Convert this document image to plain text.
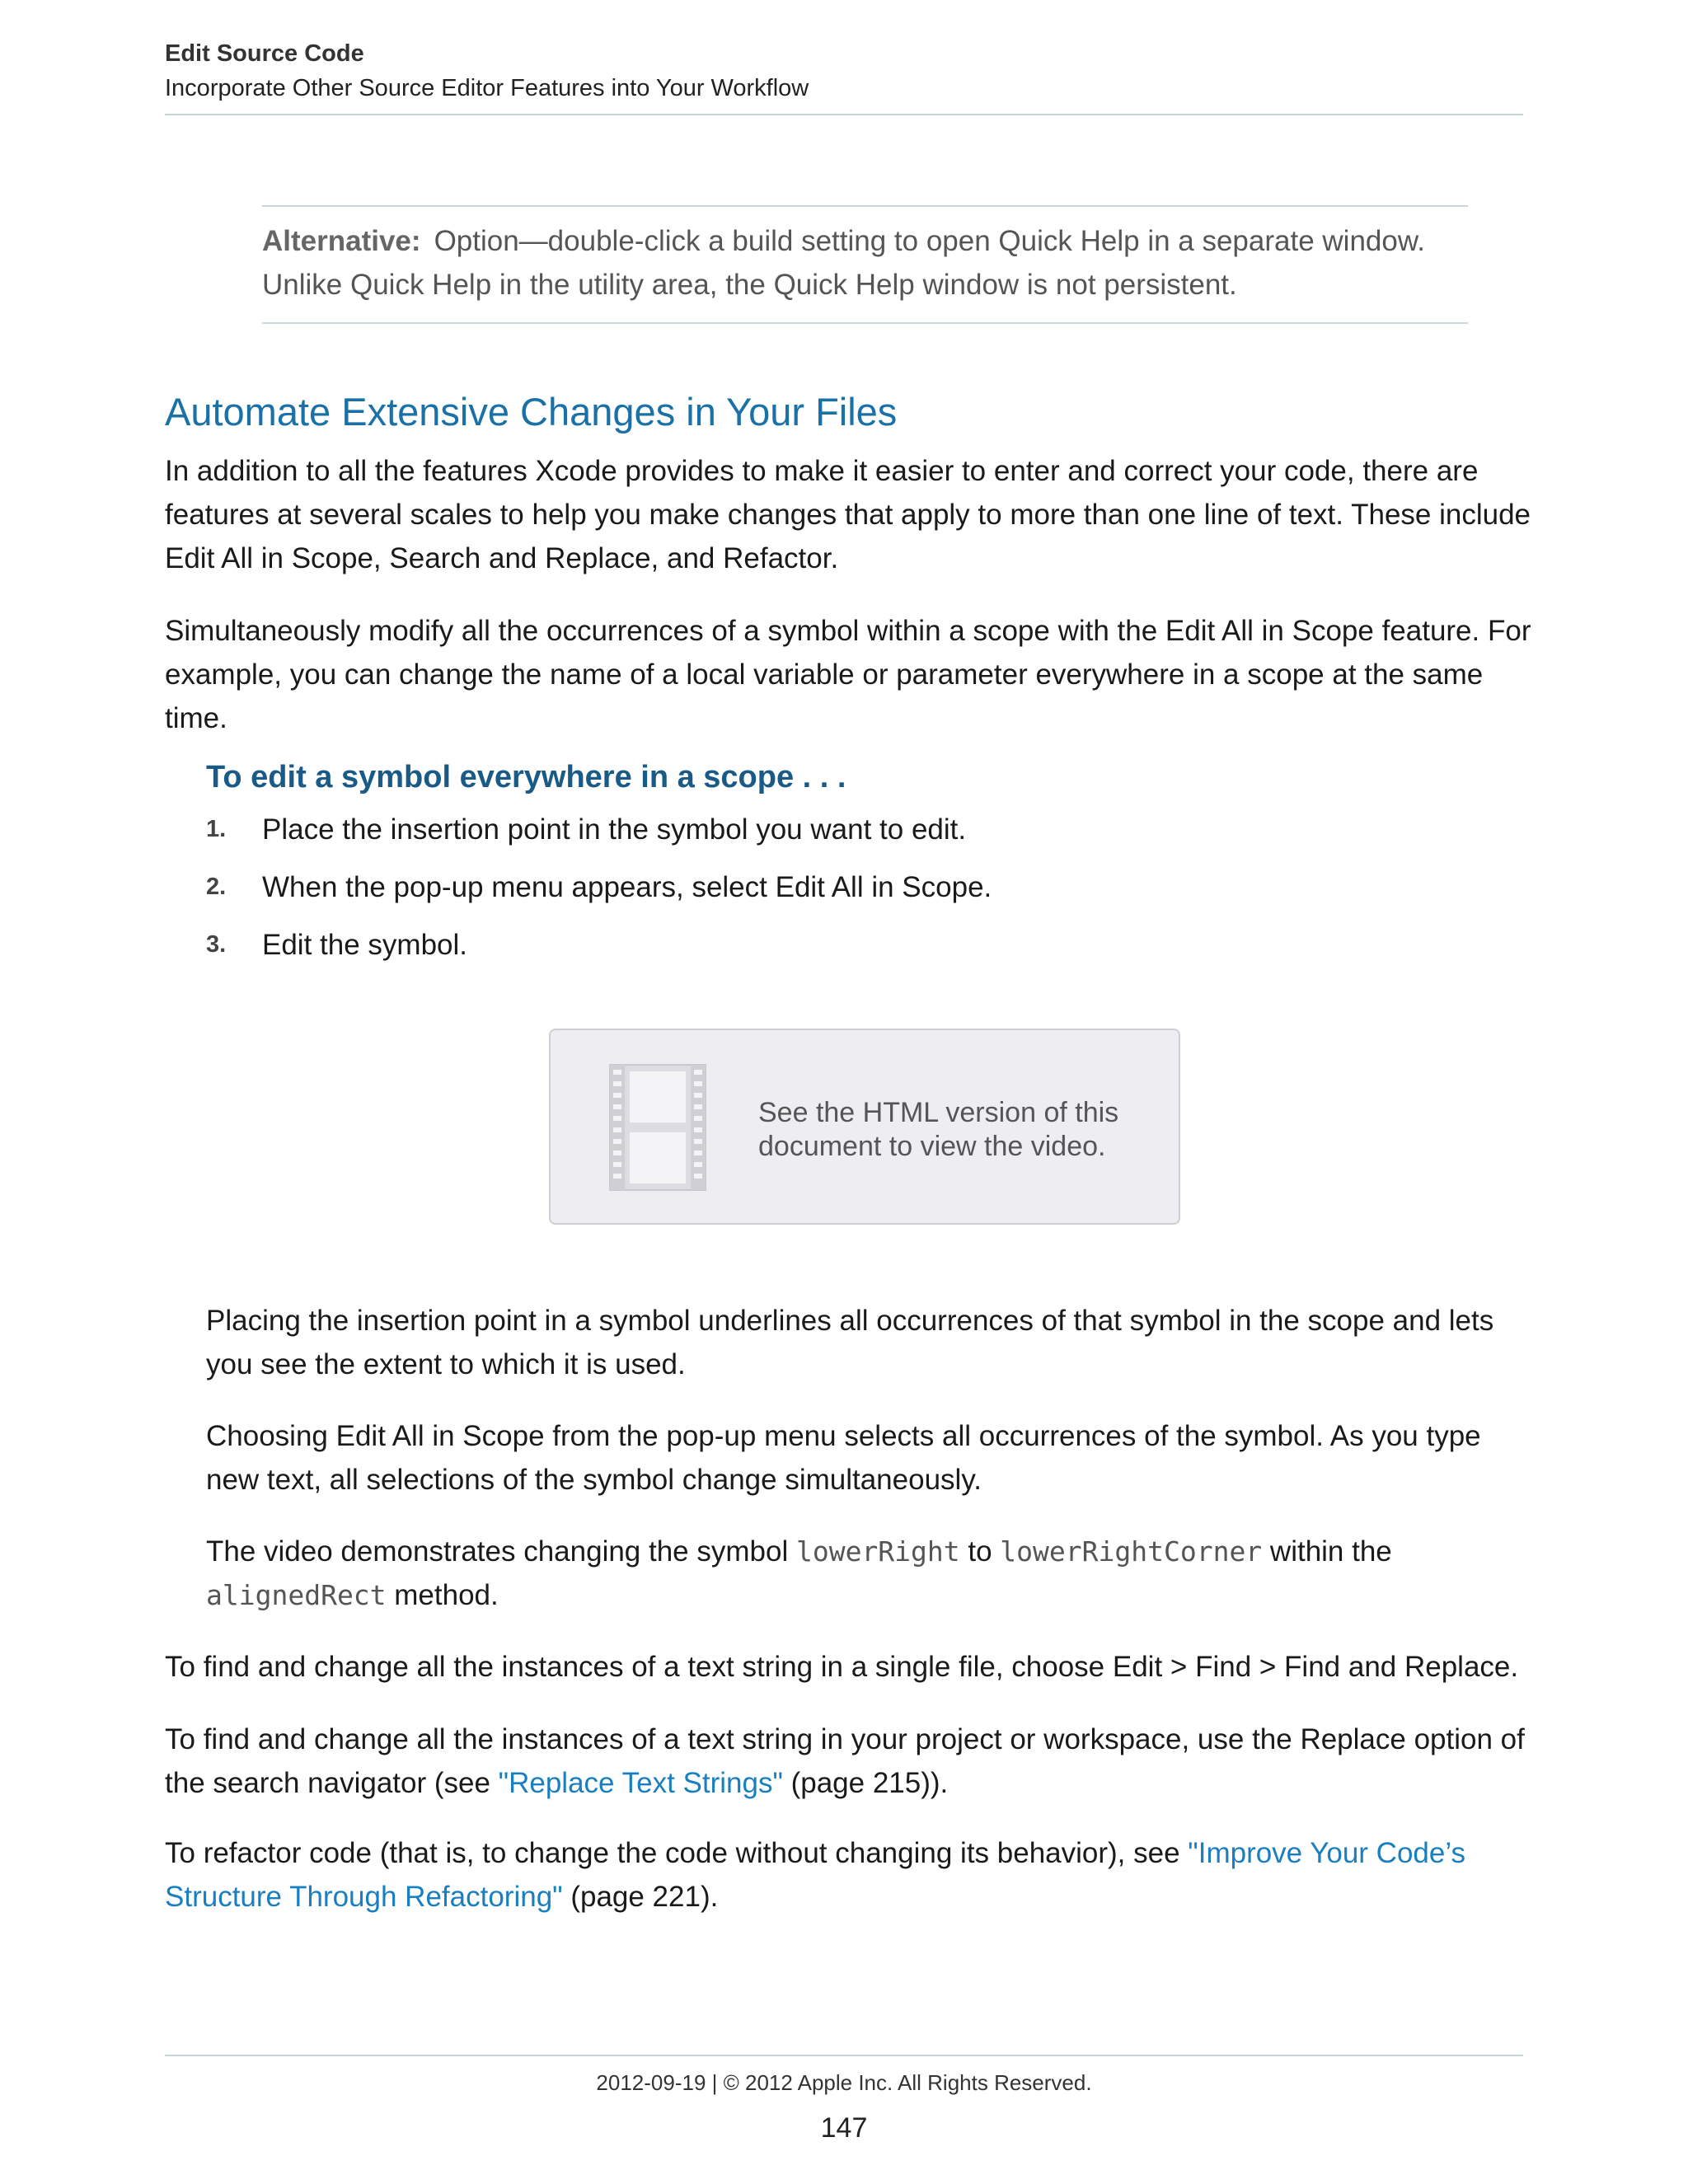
Edit Source Code
Incorporate Other Source Editor Features into Your Workflow
Alternative: Option—double-click a build setting to open Quick Help in a separate window. Unlike Quick Help in the utility area, the Quick Help window is not persistent.
Automate Extensive Changes in Your Files
In addition to all the features Xcode provides to make it easier to enter and correct your code, there are features at several scales to help you make changes that apply to more than one line of text. These include Edit All in Scope, Search and Replace, and Refactor.
Simultaneously modify all the occurrences of a symbol within a scope with the Edit All in Scope feature. For example, you can change the name of a local variable or parameter everywhere in a scope at the same time.
To edit a symbol everywhere in a scope . . .
1. Place the insertion point in the symbol you want to edit.
2. When the pop-up menu appears, select Edit All in Scope.
3. Edit the symbol.
See the HTML version of this
document to view the video.
Placing the insertion point in a symbol underlines all occurrences of that symbol in the scope and lets you see the extent to which it is used.
Choosing Edit All in Scope from the pop-up menu selects all occurrences of the symbol. As you type new text, all selections of the symbol change simultaneously.
The video demonstrates changing the symbol lowerRight to lowerRightCorner within the alignedRect method.
To find and change all the instances of a text string in a single file, choose Edit > Find > Find and Replace.
To find and change all the instances of a text string in your project or workspace, use the Replace option of the search navigator (see "Replace Text Strings" (page 215)).
To refactor code (that is, to change the code without changing its behavior), see "Improve Your Code’s Structure Through Refactoring" (page 221).
2012-09-19 | © 2012 Apple Inc. All Rights Reserved.
147
